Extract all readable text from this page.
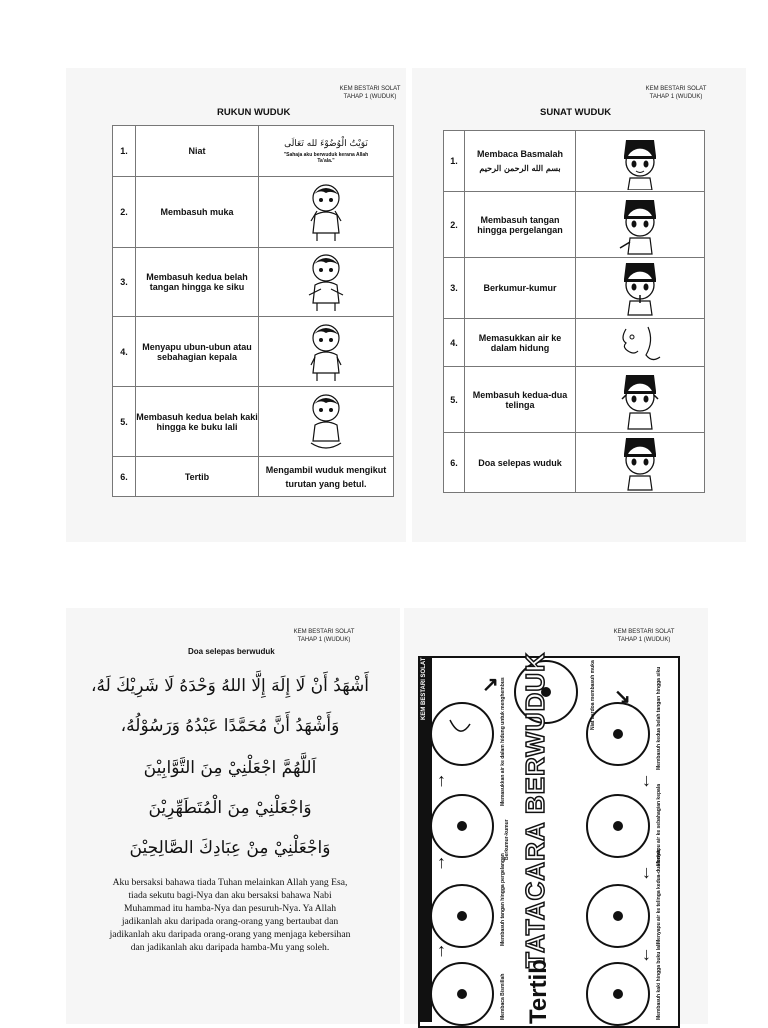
KEM BESTARI SOLAT
TAHAP 1 (WUDUK)
RUKUN WUDUK
1.	Niat	نَوَيْتُ الْوُضُوْءَ لله تَعَالَى
"Sahaja aku berwuduk kerana Allah Ta'ala."

2.	Membasuh muka	

3.	Membasuh kedua belah tangan hingga ke siku	

4.	Menyapu ubun-ubun atau sebahagian kepala	

5.	Membasuh kedua belah kaki hingga ke buku lali	

6.	Tertib	Mengambil wuduk mengikut turutan yang betul.
KEM BESTARI SOLAT
TAHAP 1 (WUDUK)
SUNAT WUDUK
1.	Membaca Basmalah
بسم الله الرحمن الرحيم

2.	Membasuh tangan hingga pergelangan	

3.	Berkumur-kumur	

4.	Memasukkan air ke dalam hidung	

5.	Membasuh kedua-dua telinga	

6.	Doa selepas wuduk	
KEM BESTARI SOLAT
TAHAP 1 (WUDUK)
Doa selepas berwuduk
أَشْهَدُ أَنْ لَا إِلَهَ إِلَّا اللهُ وَحْدَهُ لَا شَرِيْكَ لَهُ،
وَأَشْهَدُ أَنَّ مُحَمَّدًا عَبْدُهُ وَرَسُوْلُهُ،
اَللَّهُمَّ اجْعَلْنِيْ مِنَ التَّوَّابِيْنَ
وَاجْعَلْنِيْ مِنَ الْمُتَطَهِّرِيْنَ
وَاجْعَلْنِيْ مِنْ عِبَادِكَ الصَّالِحِيْنَ
Aku bersaksi bahawa tiada Tuhan melainkan Allah yang Esa, tiada sekutu bagi-Nya dan aku bersaksi bahawa Nabi Muhammad itu hamba-Nya dan pesuruh-Nya. Ya Allah jadikanlah aku daripada orang-orang yang bertaubat dan jadikanlah aku daripada orang-orang yang menjaga kebersihan dan jadikanlah aku daripada hamba-Mu yang soleh.
KEM BESTARI SOLAT
TAHAP 1 (WUDUK)
KEM BESTARI SOLAT
↑
↑
↑
↗
↘
↓
↓
↓
Niat berdoa membasuh muka
Memasukkan air ke dalam hidung untuk menghembus	Membasuh kedua belah tangan hingga siku
Berkumur-kumur	Menyapu air ke sebahagian kepala
Membasuh tangan hingga pergelangan	Menyapu air ke telinga kedua-dua belah
Membaca Bismillah	Membasuh kaki hingga buku lali
TATACARA BERWUDUK
Tertib
